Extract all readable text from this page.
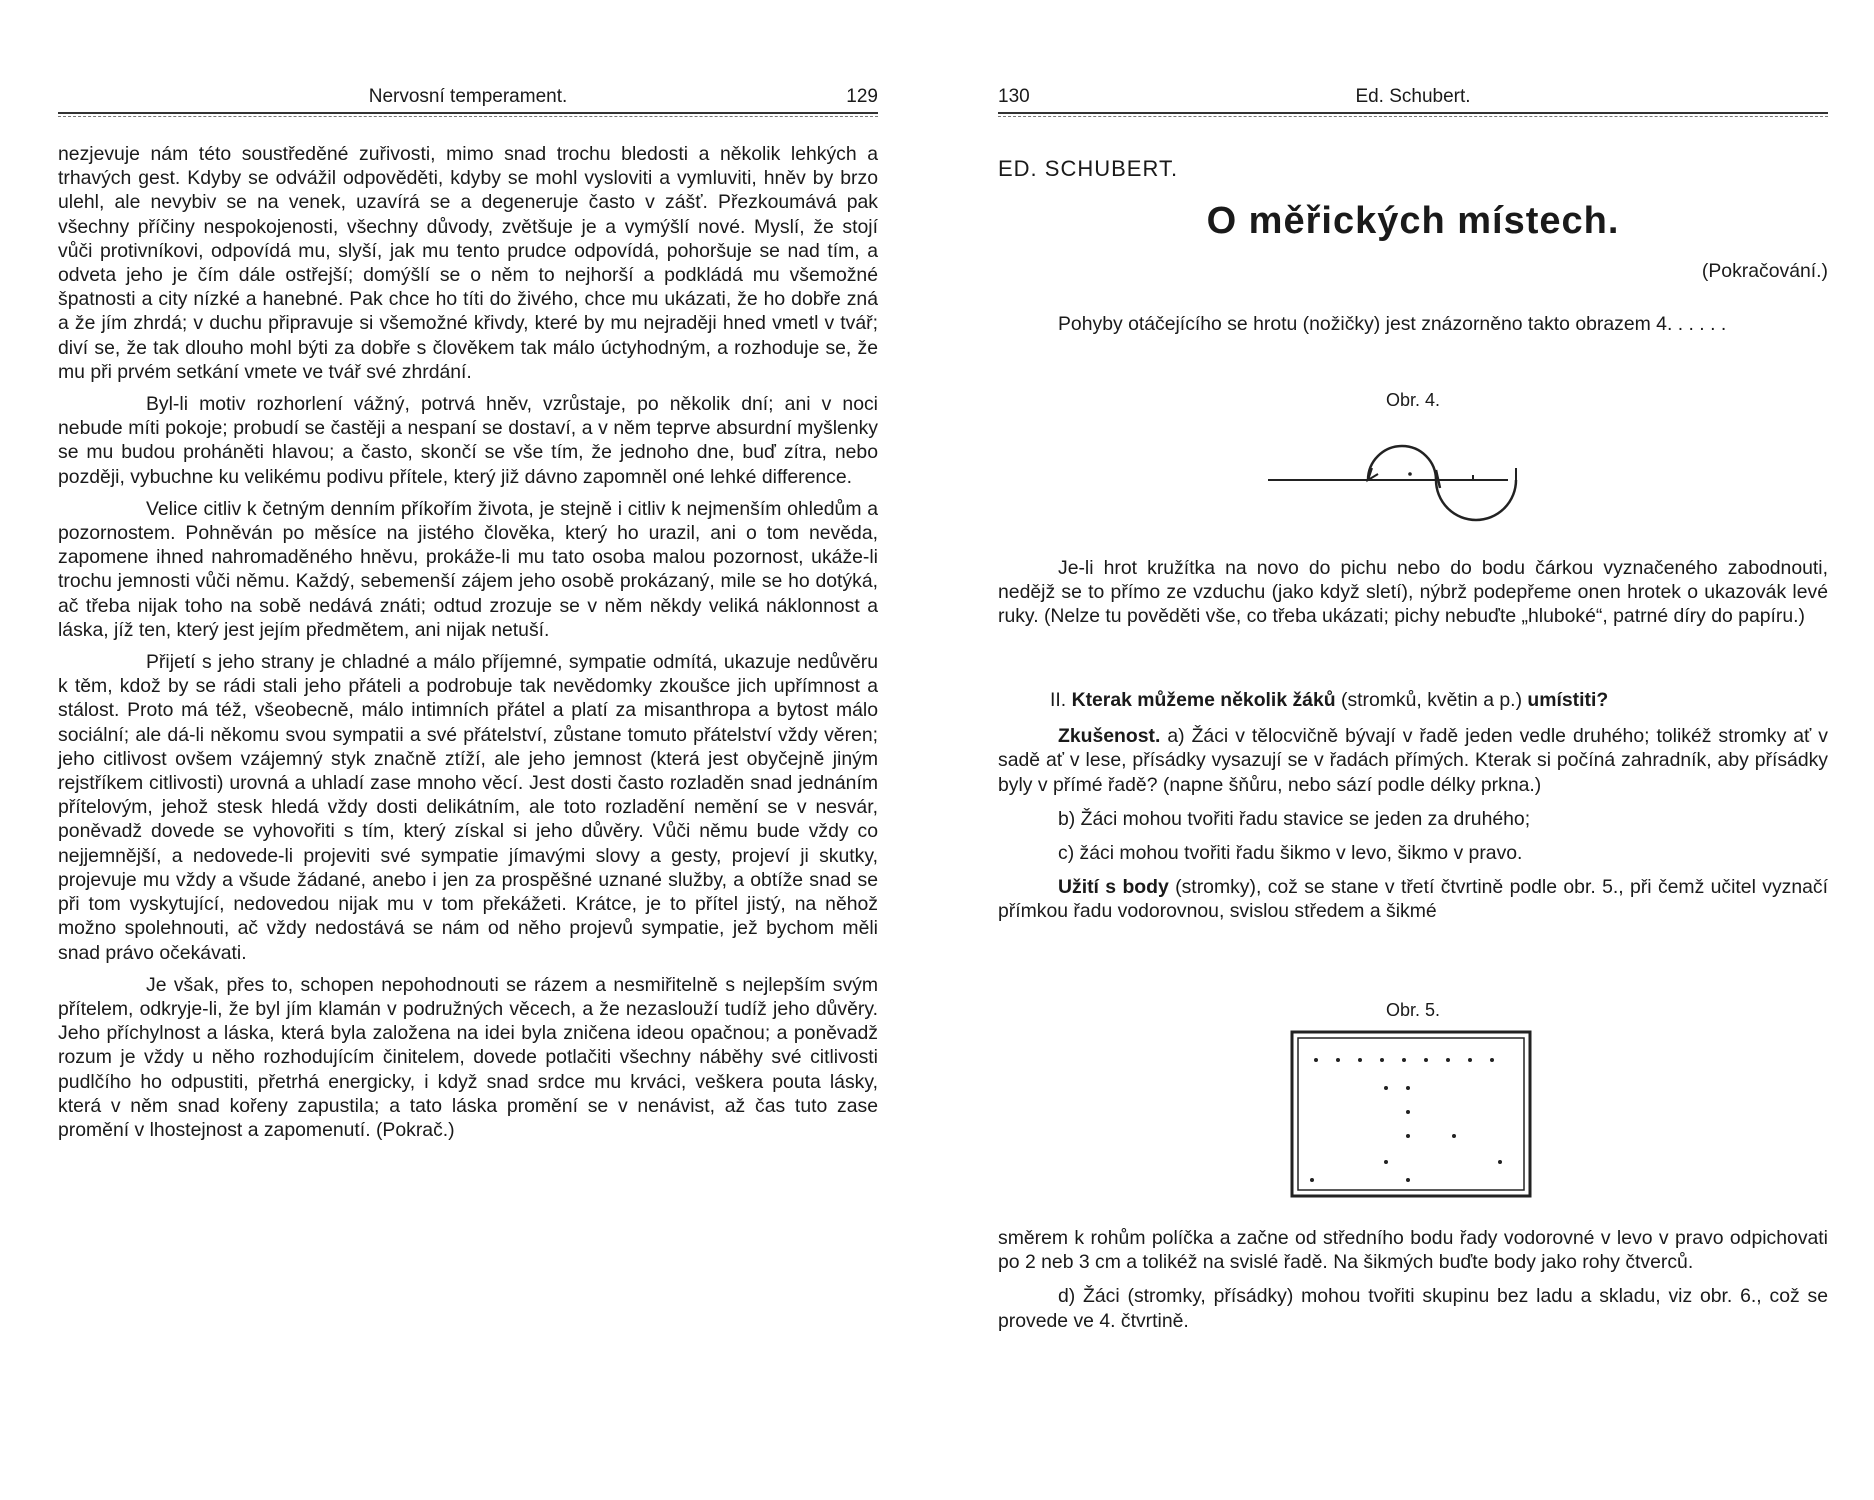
Nervosní temperament.	129

nezjevuje nám této soustředěné zuřivosti, mimo snad trochu bledosti a několik lehkých a trhavých gest. Kdyby se odvážil odpověděti, kdyby se mohl vysloviti a vymluviti, hněv by brzo ulehl, ale nevybiv se na venek, uzavírá se a degeneruje často v zášť. Přezkoumává pak všechny příčiny nespokojenosti, všechny důvody, zvětšuje je a vymýšlí nové. Myslí, že stojí vůči protivníkovi, odpovídá mu, slyší, jak mu tento prudce odpovídá, pohoršuje se nad tím, a odveta jeho je čím dále ostřejší; domýšlí se o něm to nejhorší a podkládá mu všemožné špatnosti a city nízké a hanebné. Pak chce ho títi do živého, chce mu ukázati, že ho dobře zná a že jím zhrdá; v duchu připravuje si všemožné křivdy, které by mu nejraději hned vmetl v tvář; diví se, že tak dlouho mohl býti za dobře s člověkem tak málo úctyhodným, a rozhoduje se, že mu při prvém setkání vmete ve tvář své zhrdání.

Byl-li motiv rozhorlení vážný, potrvá hněv, vzrůstaje, po několik dní; ani v noci nebude míti pokoje; probudí se častěji a nespaní se dostaví, a v něm teprve absurdní myšlenky se mu budou proháněti hlavou; a často, skončí se vše tím, že jednoho dne, buď zítra, nebo později, vybuchne ku velikému podivu přítele, který již dávno zapomněl oné lehké difference.

Velice citliv k četným denním příkořím života, je stejně i citliv k nejmenším ohledům a pozornostem. Pohněván po měsíce na jistého člověka, který ho urazil, ani o tom nevěda, zapomene ihned nahromaděného hněvu, prokáže-li mu tato osoba malou pozornost, ukáže-li trochu jemnosti vůči němu. Každý, sebemenší zájem jeho osobě prokázaný, mile se ho dotýká, ač třeba nijak toho na sobě nedává znáti; odtud zrozuje se v něm někdy veliká náklonnost a láska, jíž ten, který jest jejím předmětem, ani nijak netuší.

Přijetí s jeho strany je chladné a málo příjemné, sympatie odmítá, ukazuje nedůvěru k těm, kdož by se rádi stali jeho přáteli a podrobuje tak nevědomky zkoušce jich upřímnost a stálost. Proto má též, všeobecně, málo intimních přátel a platí za misanthropa a bytost málo sociální; ale dá-li někomu svou sympatii a své přátelství, zůstane tomuto přátelství vždy věren; jeho citlivost ovšem vzájemný styk značně ztíží, ale jeho jemnost (která jest obyčejně jiným rejstříkem citlivosti) urovná a uhladí zase mnoho věcí. Jest dosti často rozladěn snad jednáním přítelovým, jehož stesk hledá vždy dosti delikátním, ale toto rozladění nemění se v nesvár, poněvadž dovede se vyhovořiti s tím, který získal si jeho důvěry. Vůči němu bude vždy co nejjemnější, a nedovede-li projeviti své sympatie jímavými slovy a gesty, projeví ji skutky, projevuje mu vždy a všude žádané, anebo i jen za prospěšné uznané služby, a obtíže snad se při tom vyskytující, nedovedou nijak mu v tom překážeti. Krátce, je to přítel jistý, na něhož možno spolehnouti, ač vždy nedostává se nám od něho projevů sympatie, jež bychom měli snad právo očekávati.

Je však, přes to, schopen nepohodnouti se rázem a nesmiřitelně s nejlepším svým přítelem, odkryje-li, že byl jím klamán v podružných věcech, a že nezaslouží tudíž jeho důvěry. Jeho příchylnost a láska, která byla založena na idei byla zničena ideou opačnou; a poněvadž rozum je vždy u něho rozhodujícím činitelem, dovede potlačiti všechny náběhy své citlivosti pudlčího ho odpustiti, přetrhá energicky, i když snad srdce mu krváci, veškera pouta lásky, která v něm snad kořeny zapustila; a tato láska promění se v nenávist, až čas tuto zase promění v lhostejnost a zapomenutí. (Pokrač.)

130	Ed. Schubert.
ED. SCHUBERT.
O měřických místech.
(Pokračování.)

Pohyby otáčejícího se hrotu (nožičky) jest znázorněno takto obrazem 4. . . . . .

Obr. 4.

Je-li hrot kružítka na novo do pichu nebo do bodu čárkou vyznačeného zabodnouti, nedějž se to přímo ze vzduchu (jako když sletí), nýbrž podepřeme onen hrotek o ukazovák levé ruky. (Nelze tu pověděti vše, co třeba ukázati; pichy nebuďte „hluboké“, patrné díry do papíru.)

II. Kterak můžeme několik žáků (stromků, květin a p.) umístiti?

Zkušenost. a) Žáci v tělocvičně bývají v řadě jeden vedle druhého; tolikéž stromky ať v sadě ať v lese, přísádky vysazují se v řadách přímých. Kterak si počíná zahradník, aby přísádky byly v přímé řadě? (napne šňůru, nebo sází podle délky prkna.)

b) Žáci mohou tvořiti řadu stavice se jeden za druhého;

c) žáci mohou tvořiti řadu šikmo v levo, šikmo v pravo.

Užití s body (stromky), což se stane v třetí čtvrtině podle obr. 5., při čemž učitel vyznačí přímkou řadu vodorovnou, svislou středem a šikmé

Obr. 5.

směrem k rohům políčka a začne od středního bodu řady vodorovné v levo v pravo odpichovati po 2 neb 3 cm a tolikéž na svislé řadě. Na šikmých buďte body jako rohy čtverců.

d) Žáci (stromky, přísádky) mohou tvořiti skupinu bez ladu a skladu, viz obr. 6., což se provede ve 4. čtvrtině.
